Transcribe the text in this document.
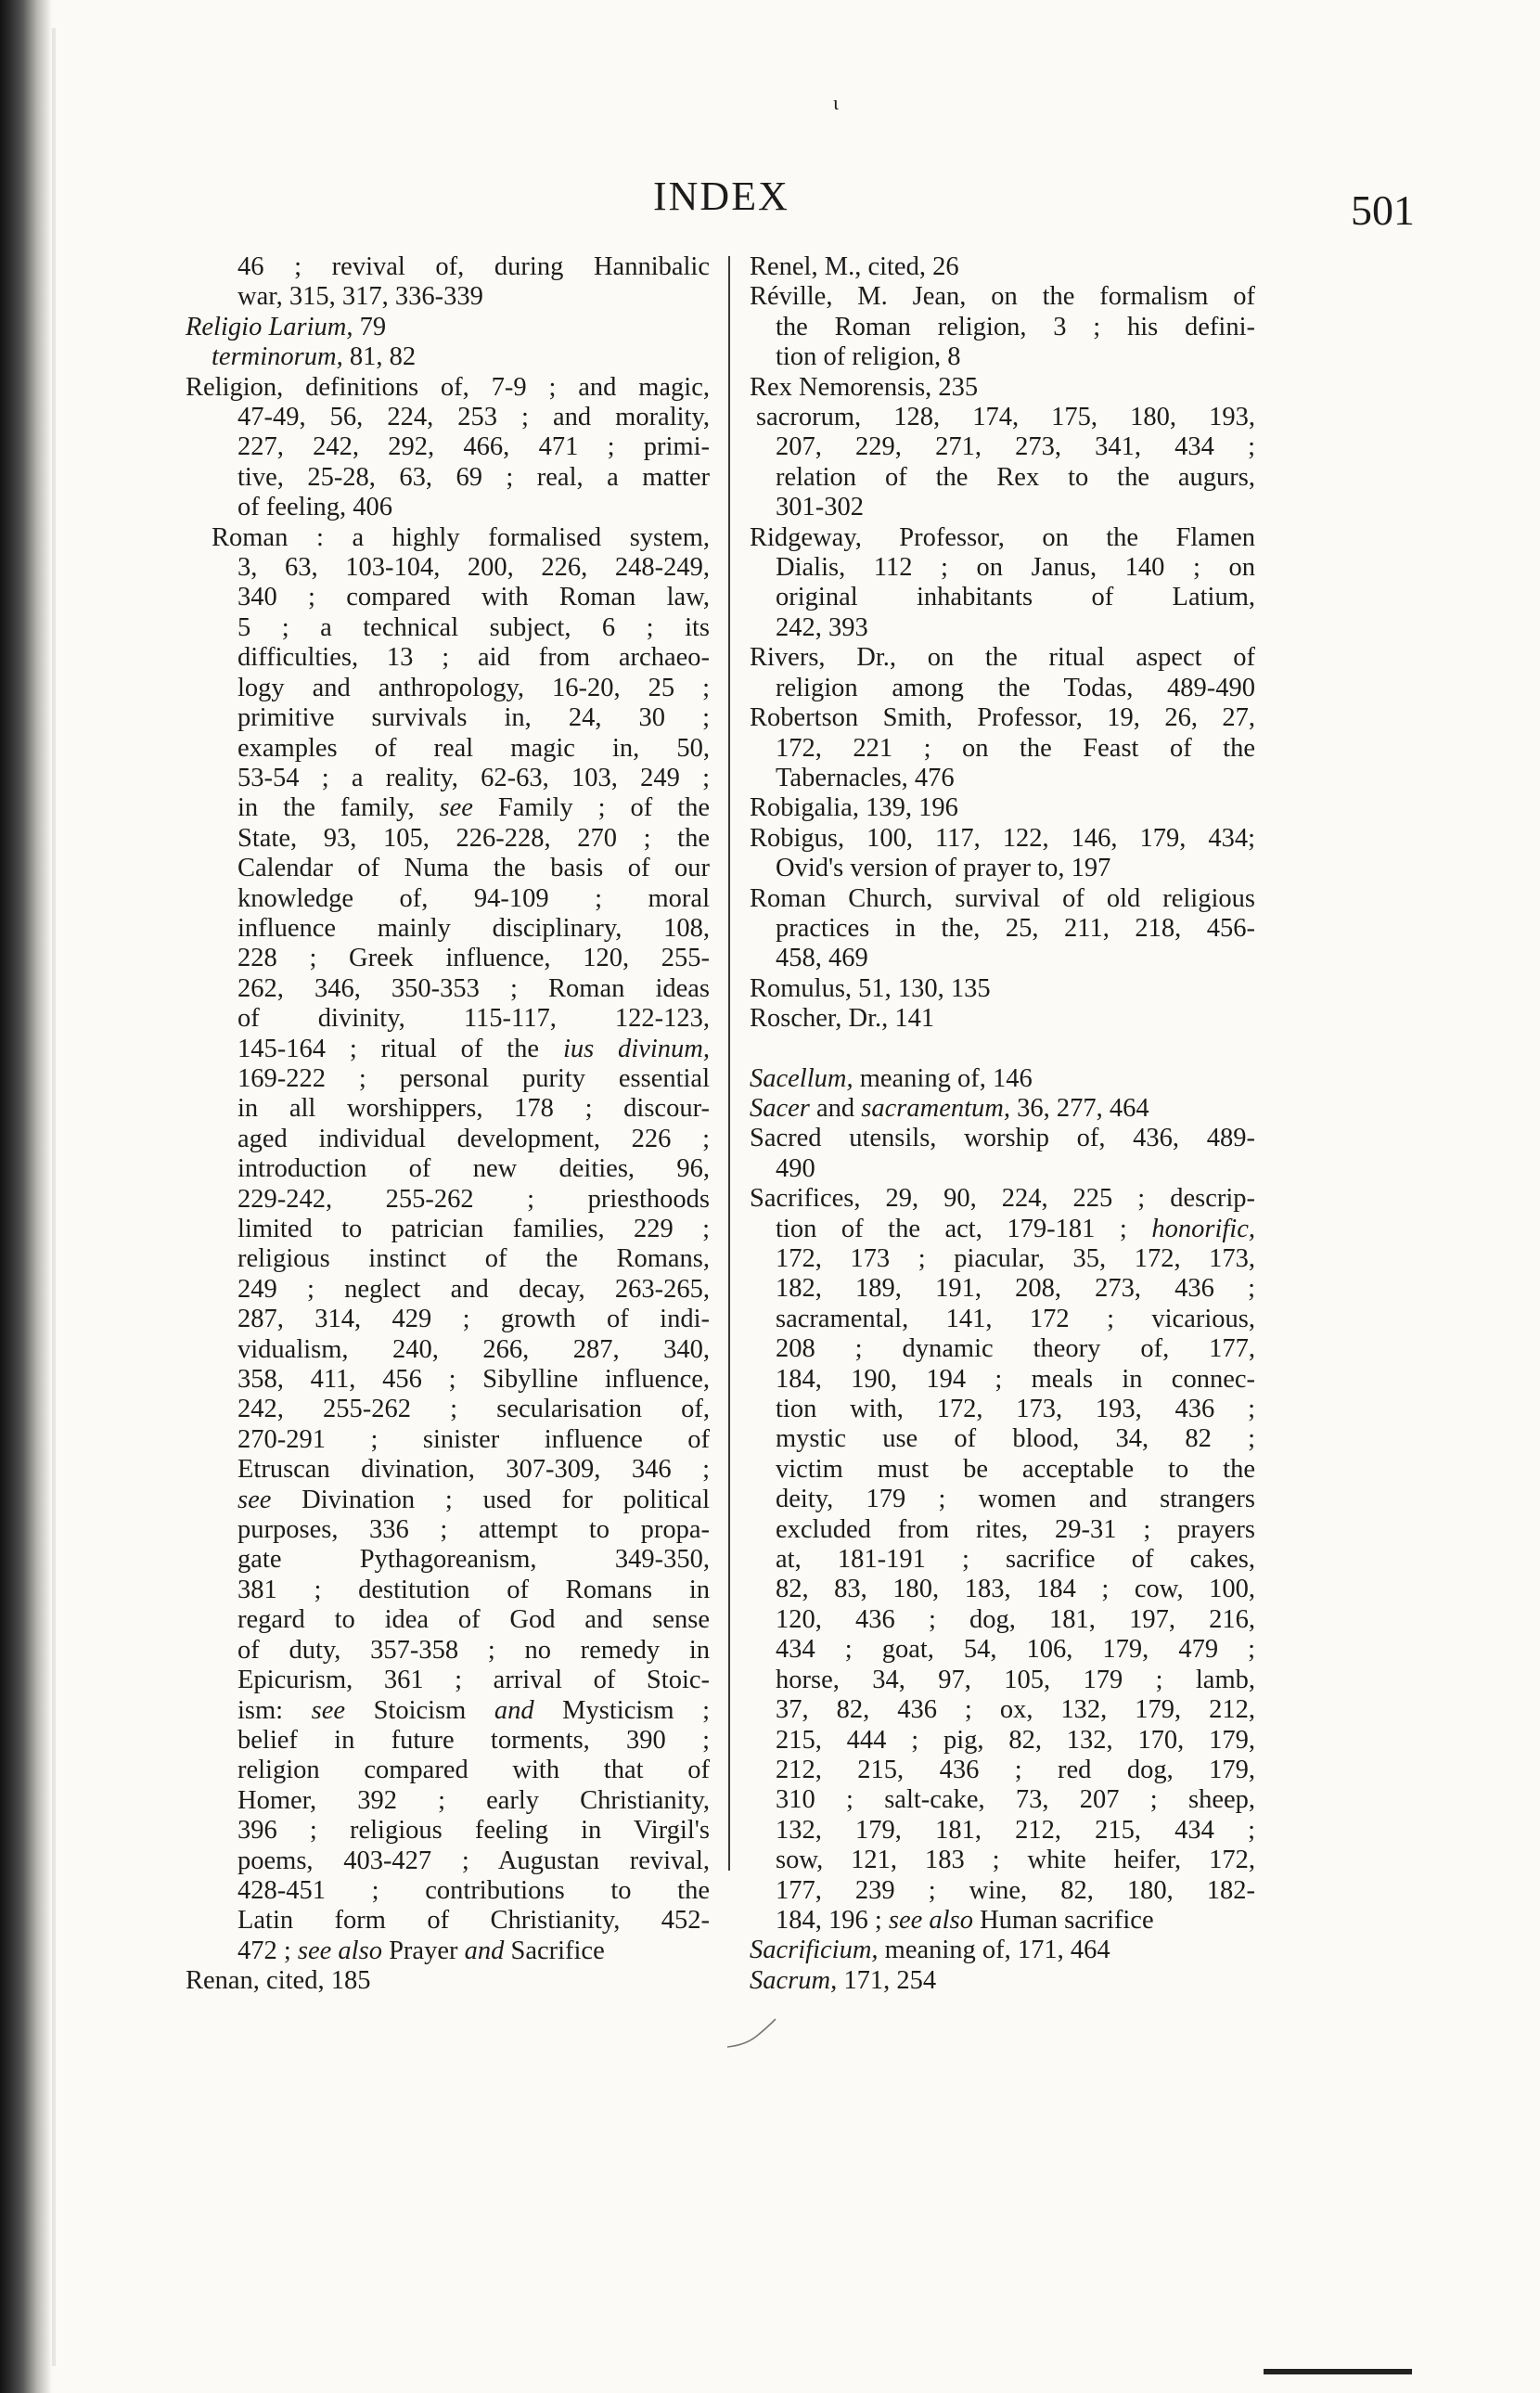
ι
INDEX	501
46 ; revival of, during Hannibalic
war, 315, 317, 336-339
Religio Larium, 79
terminorum, 81, 82
Religion, definitions of, 7-9 ; and magic,
47-49, 56, 224, 253 ; and morality,
227, 242, 292, 466, 471 ; primi-
tive, 25-28, 63, 69 ; real, a matter
of feeling, 406
Roman : a highly formalised system,
3, 63, 103-104, 200, 226, 248-249,
340 ; compared with Roman law,
5 ; a technical subject, 6 ; its
difficulties, 13 ; aid from archaeo-
logy and anthropology, 16-20, 25 ;
primitive survivals in, 24, 30 ;
examples of real magic in, 50,
53-54 ; a reality, 62-63, 103, 249 ;
in the family, see Family ; of the
State, 93, 105, 226-228, 270 ; the
Calendar of Numa the basis of our
knowledge of, 94-109 ; moral
influence mainly disciplinary, 108,
228 ; Greek influence, 120, 255-
262, 346, 350-353 ; Roman ideas
of divinity, 115-117, 122-123,
145-164 ; ritual of the ius divinum,
169-222 ; personal purity essential
in all worshippers, 178 ; discour-
aged individual development, 226 ;
introduction of new deities, 96,
229-242, 255-262 ; priesthoods
limited to patrician families, 229 ;
religious instinct of the Romans,
249 ; neglect and decay, 263-265,
287, 314, 429 ; growth of indi-
vidualism, 240, 266, 287, 340,
358, 411, 456 ; Sibylline influence,
242, 255-262 ; secularisation of,
270-291 ; sinister influence of
Etruscan divination, 307-309, 346 ;
see Divination ; used for political
purposes, 336 ; attempt to propa-
gate Pythagoreanism, 349-350,
381 ; destitution of Romans in
regard to idea of God and sense
of duty, 357-358 ; no remedy in
Epicurism, 361 ; arrival of Stoic-
ism: see Stoicism and Mysticism ;
belief in future torments, 390 ;
religion compared with that of
Homer, 392 ; early Christianity,
396 ; religious feeling in Virgil's
poems, 403-427 ; Augustan revival,
428-451 ; contributions to the
Latin form of Christianity, 452-
472 ; see also Prayer and Sacrifice
Renan, cited, 185
Renel, M., cited, 26
Réville, M. Jean, on the formalism of
the Roman religion, 3 ; his defini-
tion of religion, 8
Rex Nemorensis, 235
sacrorum, 128, 174, 175, 180, 193,
207, 229, 271, 273, 341, 434 ;
relation of the Rex to the augurs,
301-302
Ridgeway, Professor, on the Flamen
Dialis, 112 ; on Janus, 140 ; on
original inhabitants of Latium,
242, 393
Rivers, Dr., on the ritual aspect of
religion among the Todas, 489-490
Robertson Smith, Professor, 19, 26, 27,
172, 221 ; on the Feast of the
Tabernacles, 476
Robigalia, 139, 196
Robigus, 100, 117, 122, 146, 179, 434;
Ovid's version of prayer to, 197
Roman Church, survival of old religious
practices in the, 25, 211, 218, 456-
458, 469
Romulus, 51, 130, 135
Roscher, Dr., 141
Sacellum, meaning of, 146
Sacer and sacramentum, 36, 277, 464
Sacred utensils, worship of, 436, 489-
490
Sacrifices, 29, 90, 224, 225 ; descrip-
tion of the act, 179-181 ; honorific,
172, 173 ; piacular, 35, 172, 173,
182, 189, 191, 208, 273, 436 ;
sacramental, 141, 172 ; vicarious,
208 ; dynamic theory of, 177,
184, 190, 194 ; meals in connec-
tion with, 172, 173, 193, 436 ;
mystic use of blood, 34, 82 ;
victim must be acceptable to the
deity, 179 ; women and strangers
excluded from rites, 29-31 ; prayers
at, 181-191 ; sacrifice of cakes,
82, 83, 180, 183, 184 ; cow, 100,
120, 436 ; dog, 181, 197, 216,
434 ; goat, 54, 106, 179, 479 ;
horse, 34, 97, 105, 179 ; lamb,
37, 82, 436 ; ox, 132, 179, 212,
215, 444 ; pig, 82, 132, 170, 179,
212, 215, 436 ; red dog, 179,
310 ; salt-cake, 73, 207 ; sheep,
132, 179, 181, 212, 215, 434 ;
sow, 121, 183 ; white heifer, 172,
177, 239 ; wine, 82, 180, 182-
184, 196 ; see also Human sacrifice
Sacrificium, meaning of, 171, 464
Sacrum, 171, 254
